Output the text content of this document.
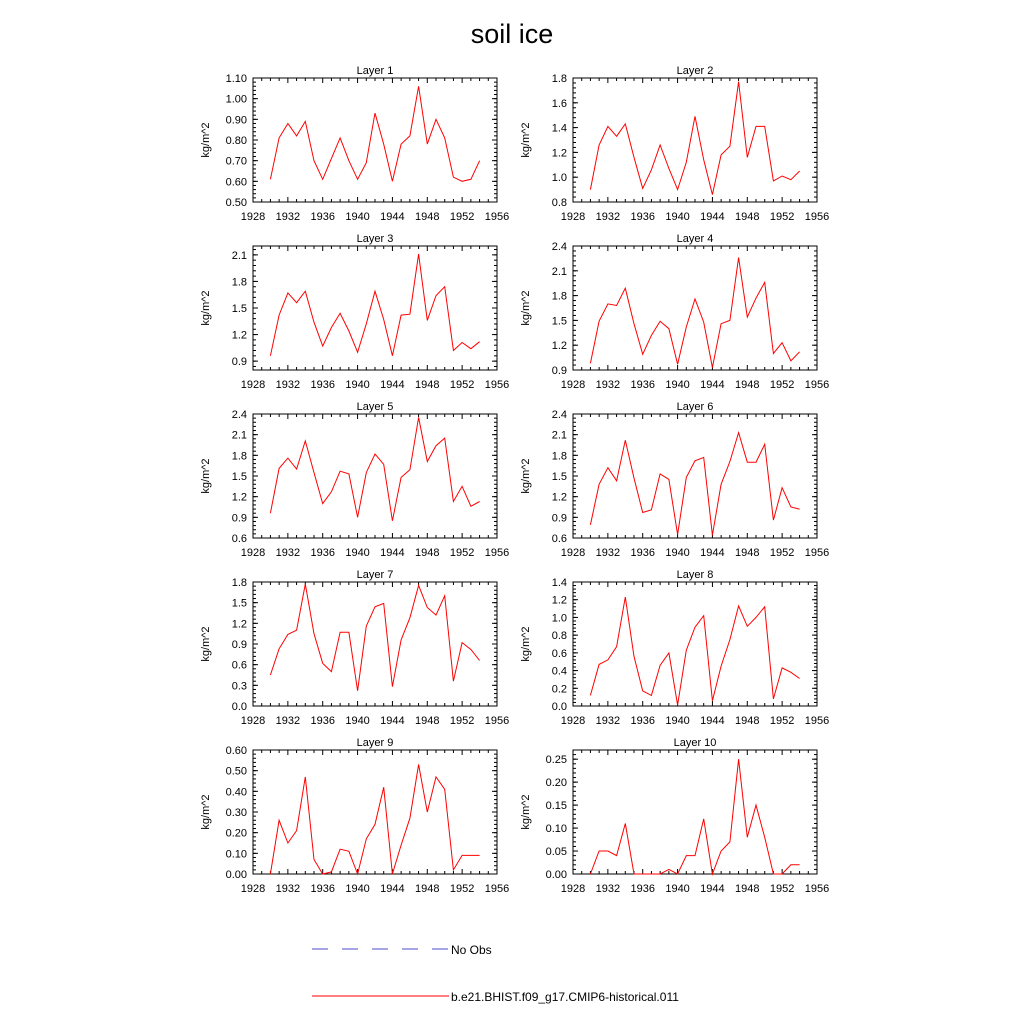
soil ice
Layer 1
kg/m^2
1928 1932 1936 1940 1944 1948 1952 1956
0.50
0.60
0.70
0.80
0.90
1.00
1.10
Layer 2
kg/m^2
1928 1932 1936 1940 1944 1948 1952 1956
0.8
1.0
1.2
1.4
1.6
1.8
Layer 3
kg/m^2
1928 1932 1936 1940 1944 1948 1952 1956
0.9
1.2
1.5
1.8
2.1
Layer 4
kg/m^2
1928 1932 1936 1940 1944 1948 1952 1956
0.9
1.2
1.5
1.8
2.1
2.4
Layer 5
kg/m^2
1928 1932 1936 1940 1944 1948 1952 1956
0.6
0.9
1.2
1.5
1.8
2.1
2.4
Layer 6
kg/m^2
1928 1932 1936 1940 1944 1948 1952 1956
0.6
0.9
1.2
1.5
1.8
2.1
2.4
Layer 7
kg/m^2
1928 1932 1936 1940 1944 1948 1952 1956
0.0
0.3
0.6
0.9
1.2
1.5
1.8
Layer 8
kg/m^2
1928 1932 1936 1940 1944 1948 1952 1956
0.0
0.2
0.4
0.6
0.8
1.0
1.2
1.4
Layer 9
kg/m^2
1928 1932 1936 1940 1944 1948 1952 1956
0.00
0.10
0.20
0.30
0.40
0.50
0.60
Layer 10
kg/m^2
1928 1932 1936 1940 1944 1948 1952 1956
0.00
0.05
0.10
0.15
0.20
0.25
No Obs
b.e21.BHIST.f09_g17.CMIP6-historical.011
